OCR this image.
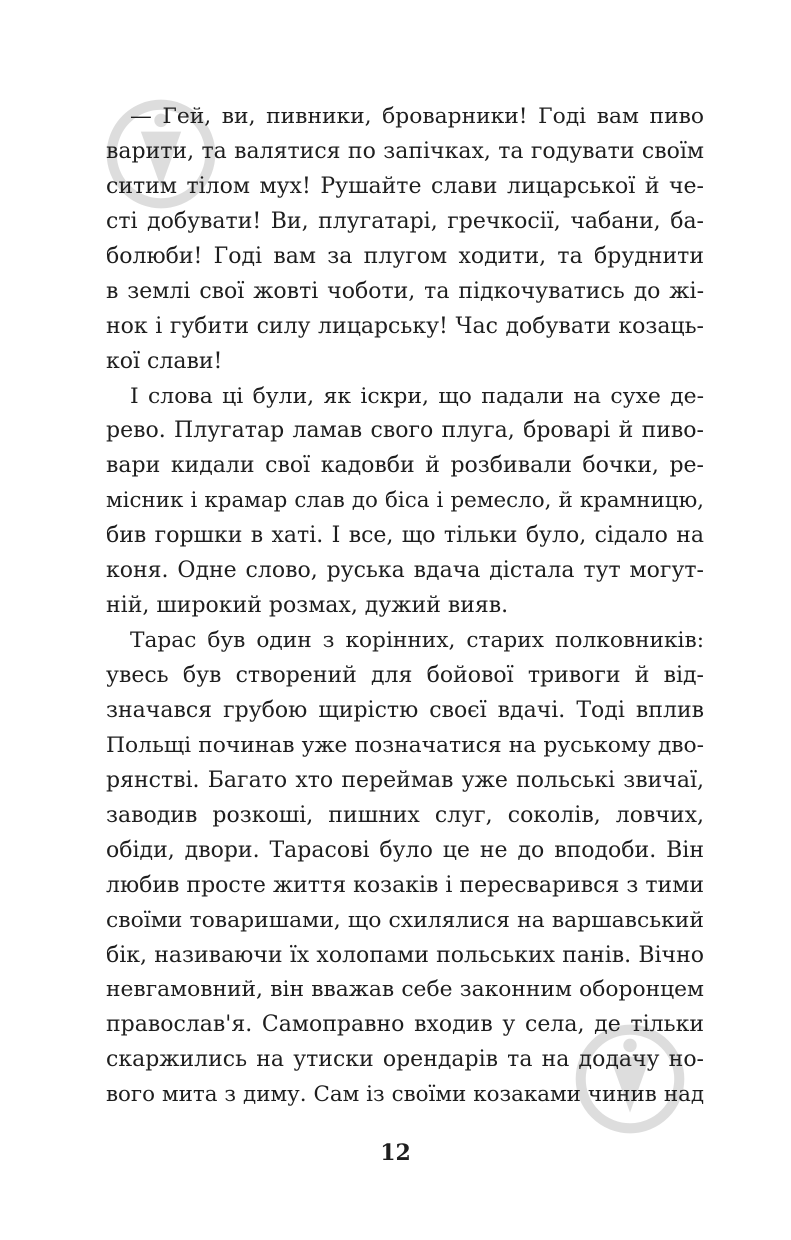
— Гей, ви, пивники, броварники! Годі вам пиво
варити, та валятися по запічках, та годувати своїм
ситим тілом мух! Рушайте слави лицарської й че-
сті добувати! Ви, плугатарі, гречкосії, чабани, ба-
болюби! Годі вам за плугом ходити, та бруднити
в землі свої жовті чоботи, та підкочуватись до жі-
нок і губити силу лицарську! Час добувати козаць-
кої слави!
І слова ці були, як іскри, що падали на сухе де-
рево. Плугатар ламав свого плуга, броварі й пиво-
вари кидали свої кадовби й розбивали бочки, ре-
місник і крамар слав до біса і ремесло, й крамницю,
бив горшки в хаті. І все, що тільки було, сідало на
коня. Одне слово, руська вдача дістала тут могут-
ній, широкий розмах, дужий вияв.
Тарас був один з корінних, старих полковників:
увесь був створений для бойової тривоги й від-
значався грубою щирістю своєї вдачі. Тоді вплив
Польщі починав уже позначатися на руському дво-
рянстві. Багато хто переймав уже польські звичаї,
заводив розкоші, пишних слуг, соколів, ловчих,
обіди, двори. Тарасові було це не до вподоби. Він
любив просте життя козаків і пересварився з тими
своїми товаришами, що схилялися на варшавський
бік, називаючи їх холопами польських панів. Вічно
невгамовний, він вважав себе законним оборонцем
православ'я. Самоправно входив у села, де тільки
скаржились на утиски орендарів та на додачу но-
вого мита з диму. Сам із своїми козаками чинив над
12
